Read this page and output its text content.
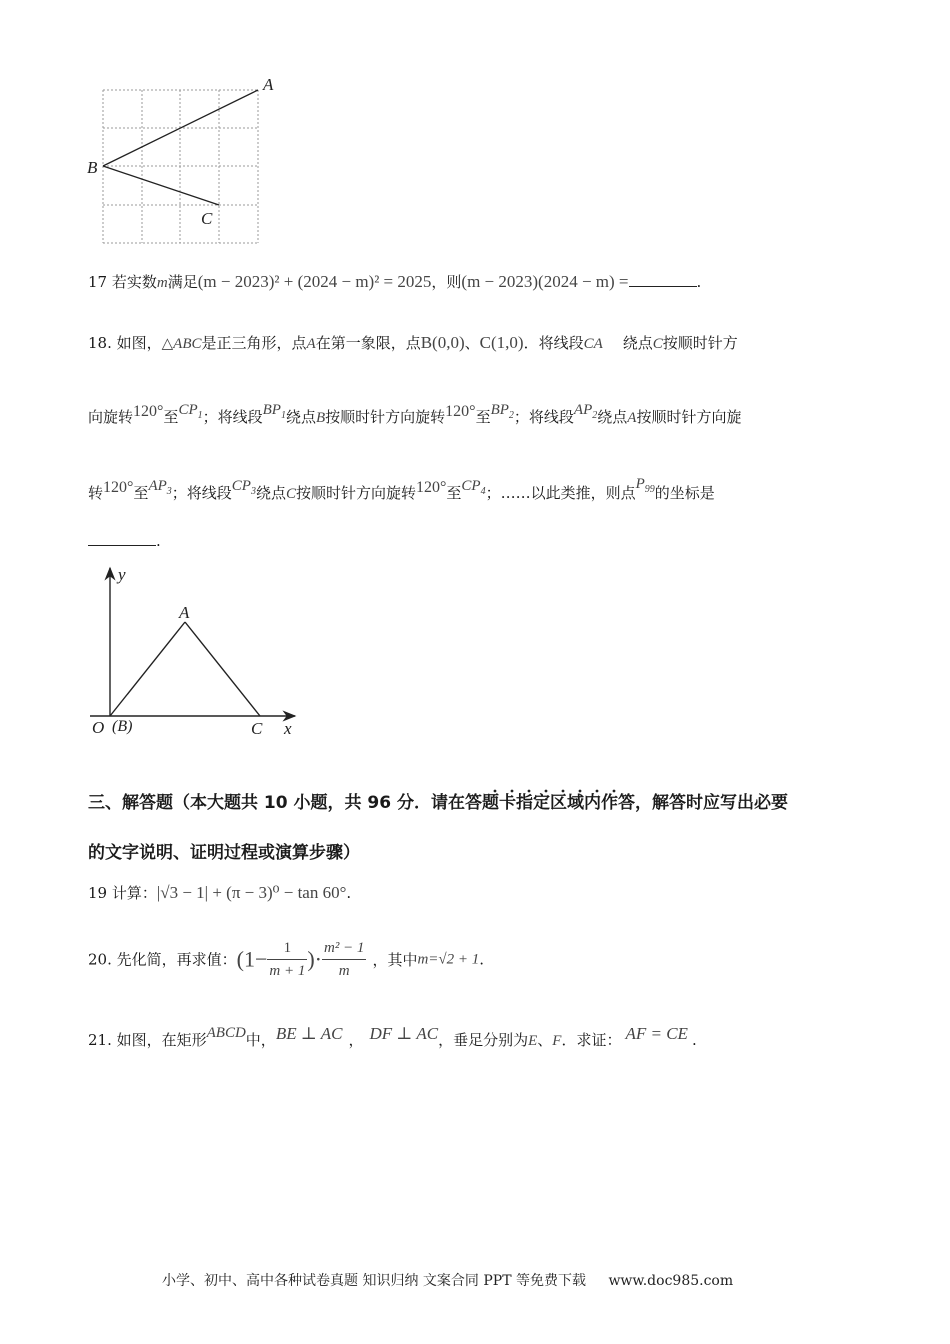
A
B
C
17 若实数m满足(m − 2023)² + (2024 − m)² = 2025，则(m − 2023)(2024 − m) =	.
18. 如图，△ABC是正三角形，点A在第一象限，点B(0,0)、C(1,0)．将线段CA 绕点C按顺时针方
向旋转120°至$CP_1$；将线段$BP_1$绕点B按顺时针方向旋转120°至$BP_2$；将线段$AP_2$绕点A按顺时针方向旋
转120°至$AP_3$；将线段$CP_3$绕点C按顺时针方向旋转120°至$CP_4$；……以此类推，则点$P_{99}$的坐标是
.
y
x
A
O (B)	C
三、解答题（本大题共 10 小题，共 96 分．请在答题卡指定区域内作答，解答时应写出必要
的文字说明、证明过程或演算步骤）
19 计算：|√3 − 1| + (π − 3)⁰ − tan 60°.
20. 先化简，再求值：($1- \frac{1}{m + 1}$ )· $\frac{\text{m² − 1}}{m}$ ，其中m=√2 + 1.
21. 如图，在矩形ABCD中，BE ⊥ AC ， DF ⊥ AC，垂足分别为E、F．求证： AF = CE .
小学、初中、高中各种试卷真题 知识归纳 文案合同 PPT 等免费下载 www.doc985.com
